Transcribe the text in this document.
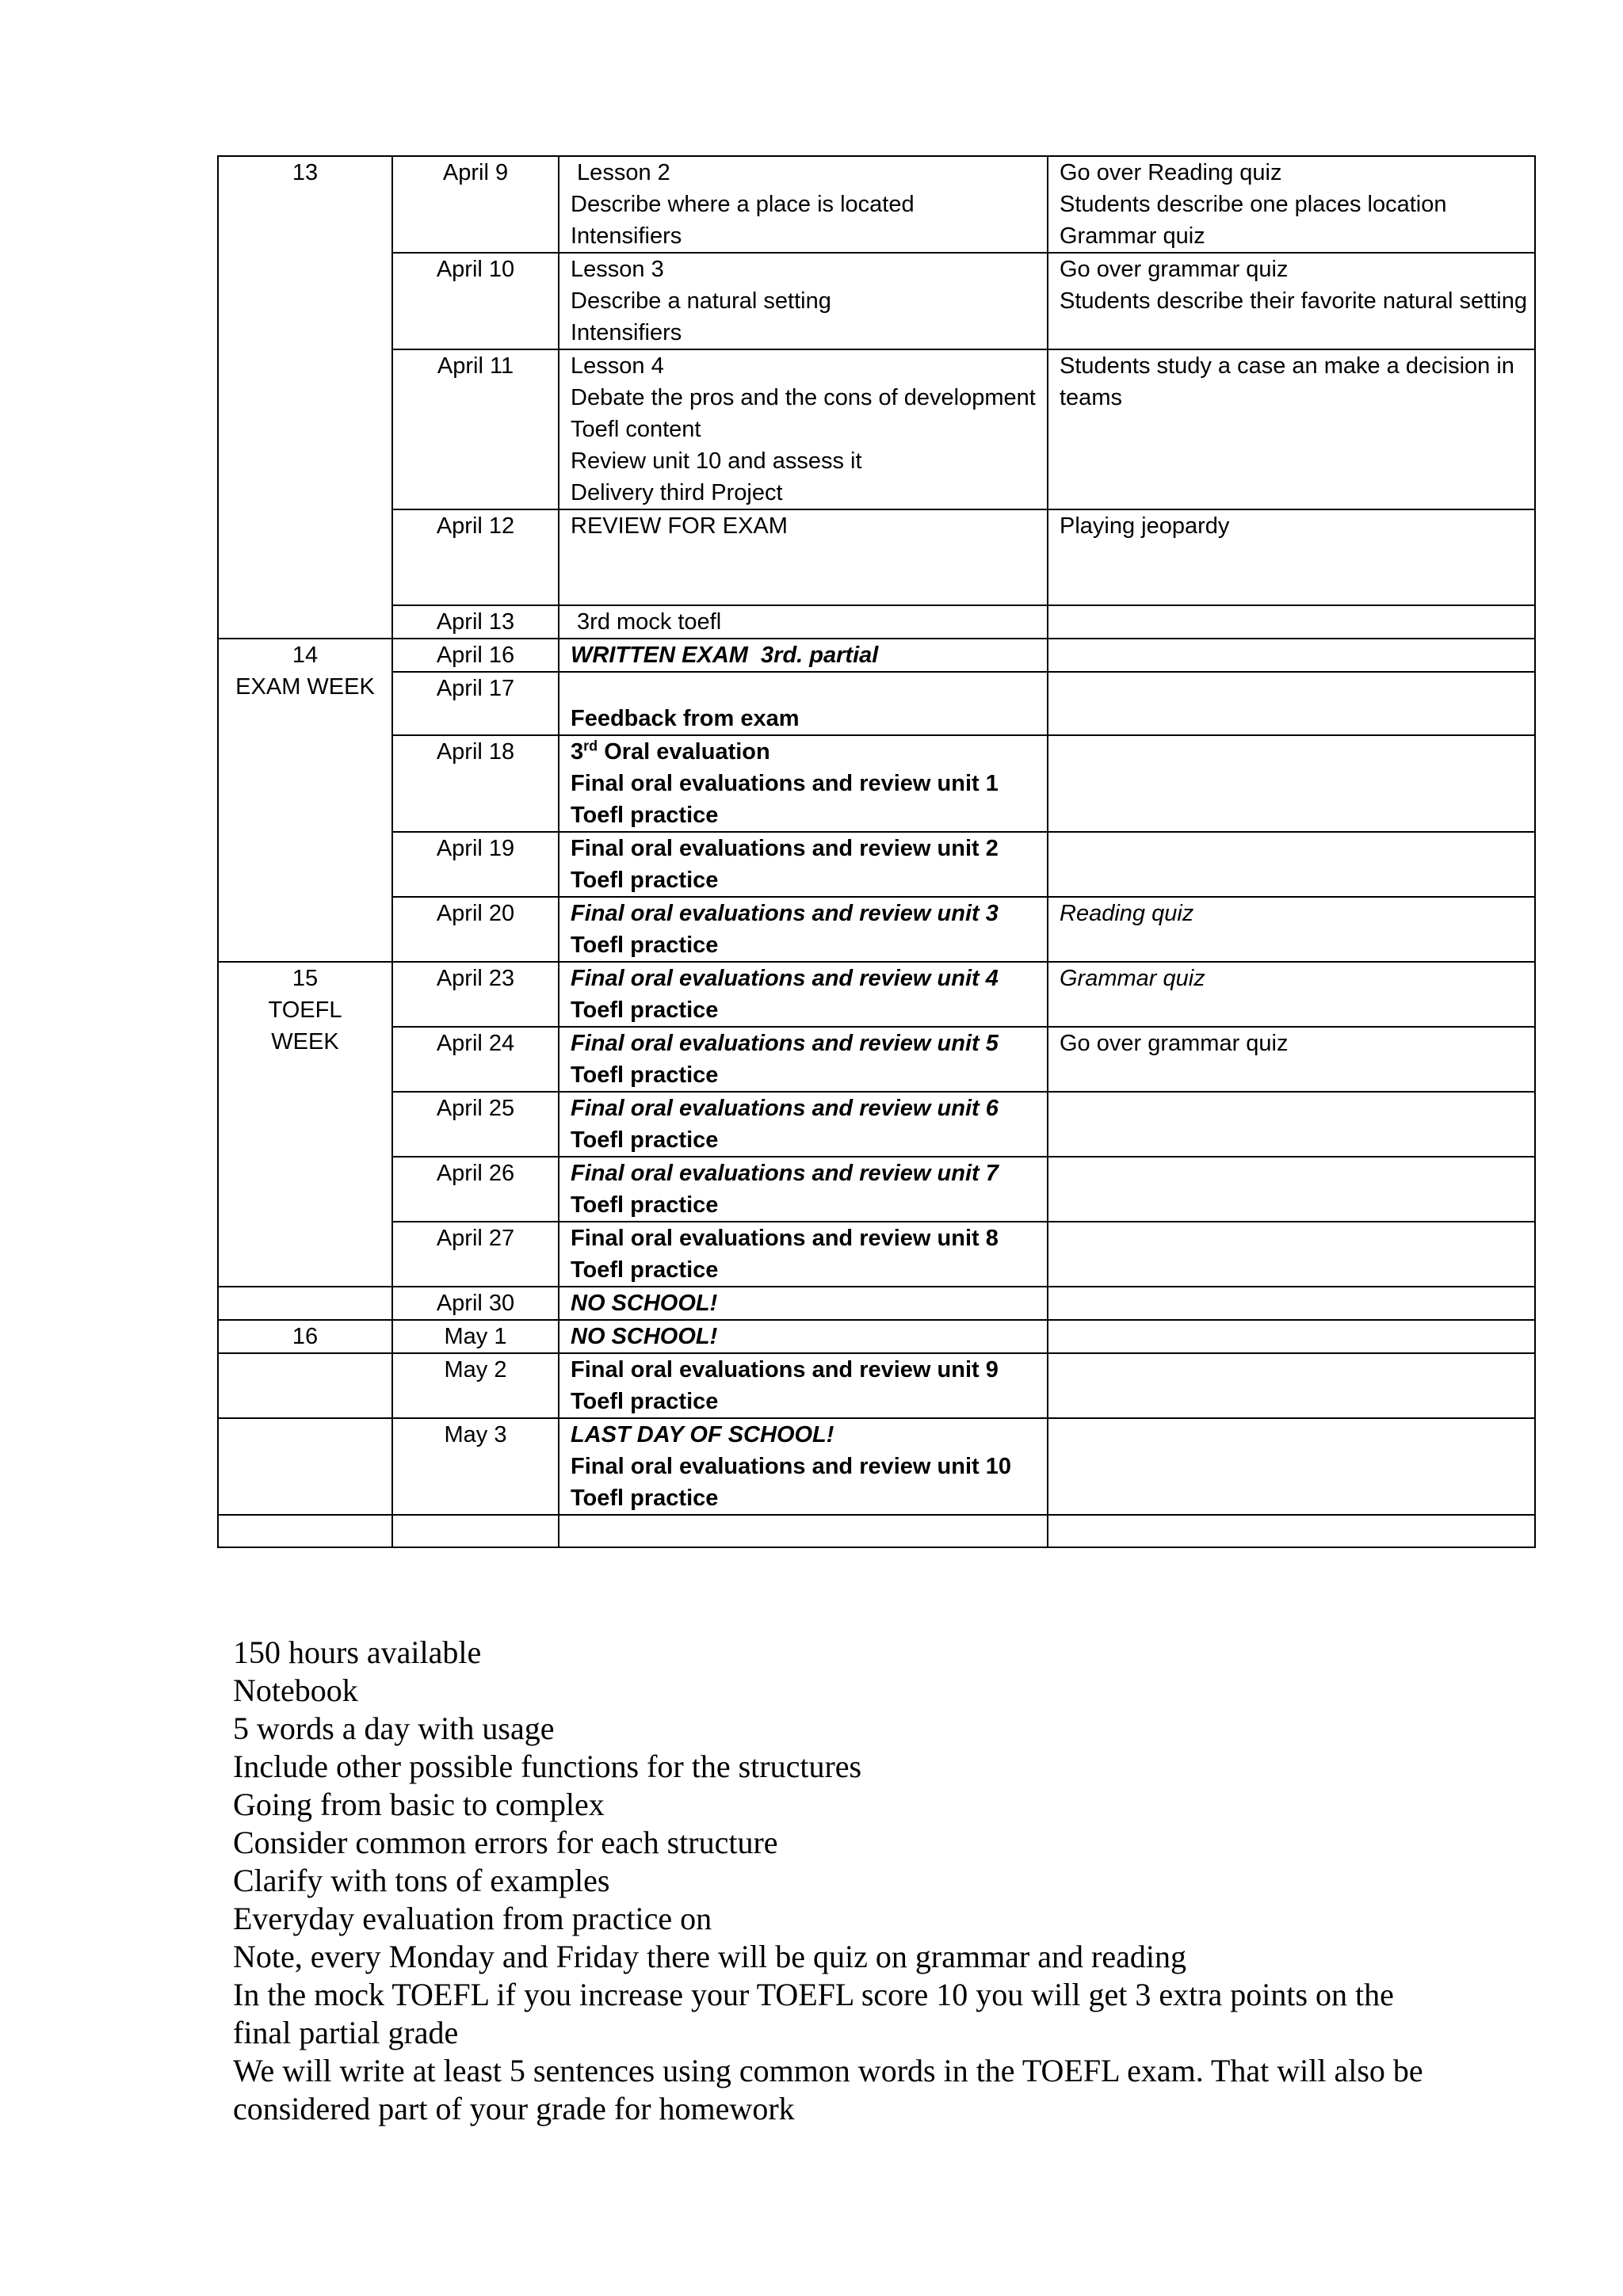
13	April 9	Lesson 2
Describe where a place is located
Intensifiers	Go over Reading quiz
Students describe one places location
Grammar quiz

	April 10	Lesson 3
Describe a natural setting
Intensifiers	Go over grammar quiz
Students describe their favorite natural setting

	April 11	Lesson 4
Debate the pros and the cons of development
Toefl content
Review unit 10 and assess it
Delivery third Project	Students study a case an make a decision in teams
	April 12	REVIEW FOR EXAM	Playing jeopardy

	April 13	3rd mock toefl	

14
EXAM WEEK	April 16	WRITTEN EXAM  3rd. partial	

	April 17	Feedback from exam	

	April 18	3rd Oral evaluation
Final oral evaluations and review unit 1
Toefl practice	

	April 19	Final oral evaluations and review unit 2
Toefl practice	

	April 20	Final oral evaluations and review unit 3
Toefl practice	Reading quiz

15
TOEFL
WEEK	April 23	Final oral evaluations and review unit 4
Toefl practice	Grammar quiz

	April 24	Final oral evaluations and review unit 5
Toefl practice	Go over grammar quiz

	April 25	Final oral evaluations and review unit 6
Toefl practice	

	April 26	Final oral evaluations and review unit 7
Toefl practice	

	April 27	Final oral evaluations and review unit 8
Toefl practice	

	April 30	NO SCHOOL!	

16	May 1	NO SCHOOL!	

	May 2	Final oral evaluations and review unit 9
Toefl practice	

	May 3	LAST DAY OF SCHOOL!
Final oral evaluations and review unit 10
Toefl practice	

150 hours available
Notebook
5 words a day with usage
Include other possible functions for the structures
Going from basic to complex
Consider common errors for each structure
Clarify with tons of examples
Everyday evaluation from practice on
Note, every Monday and Friday there will be quiz on grammar and reading
In the mock TOEFL if you increase your TOEFL score 10 you will get 3 extra points on the
final partial grade
We will write at least 5 sentences using common words in the TOEFL exam. That will also be
considered part of your grade for homework
